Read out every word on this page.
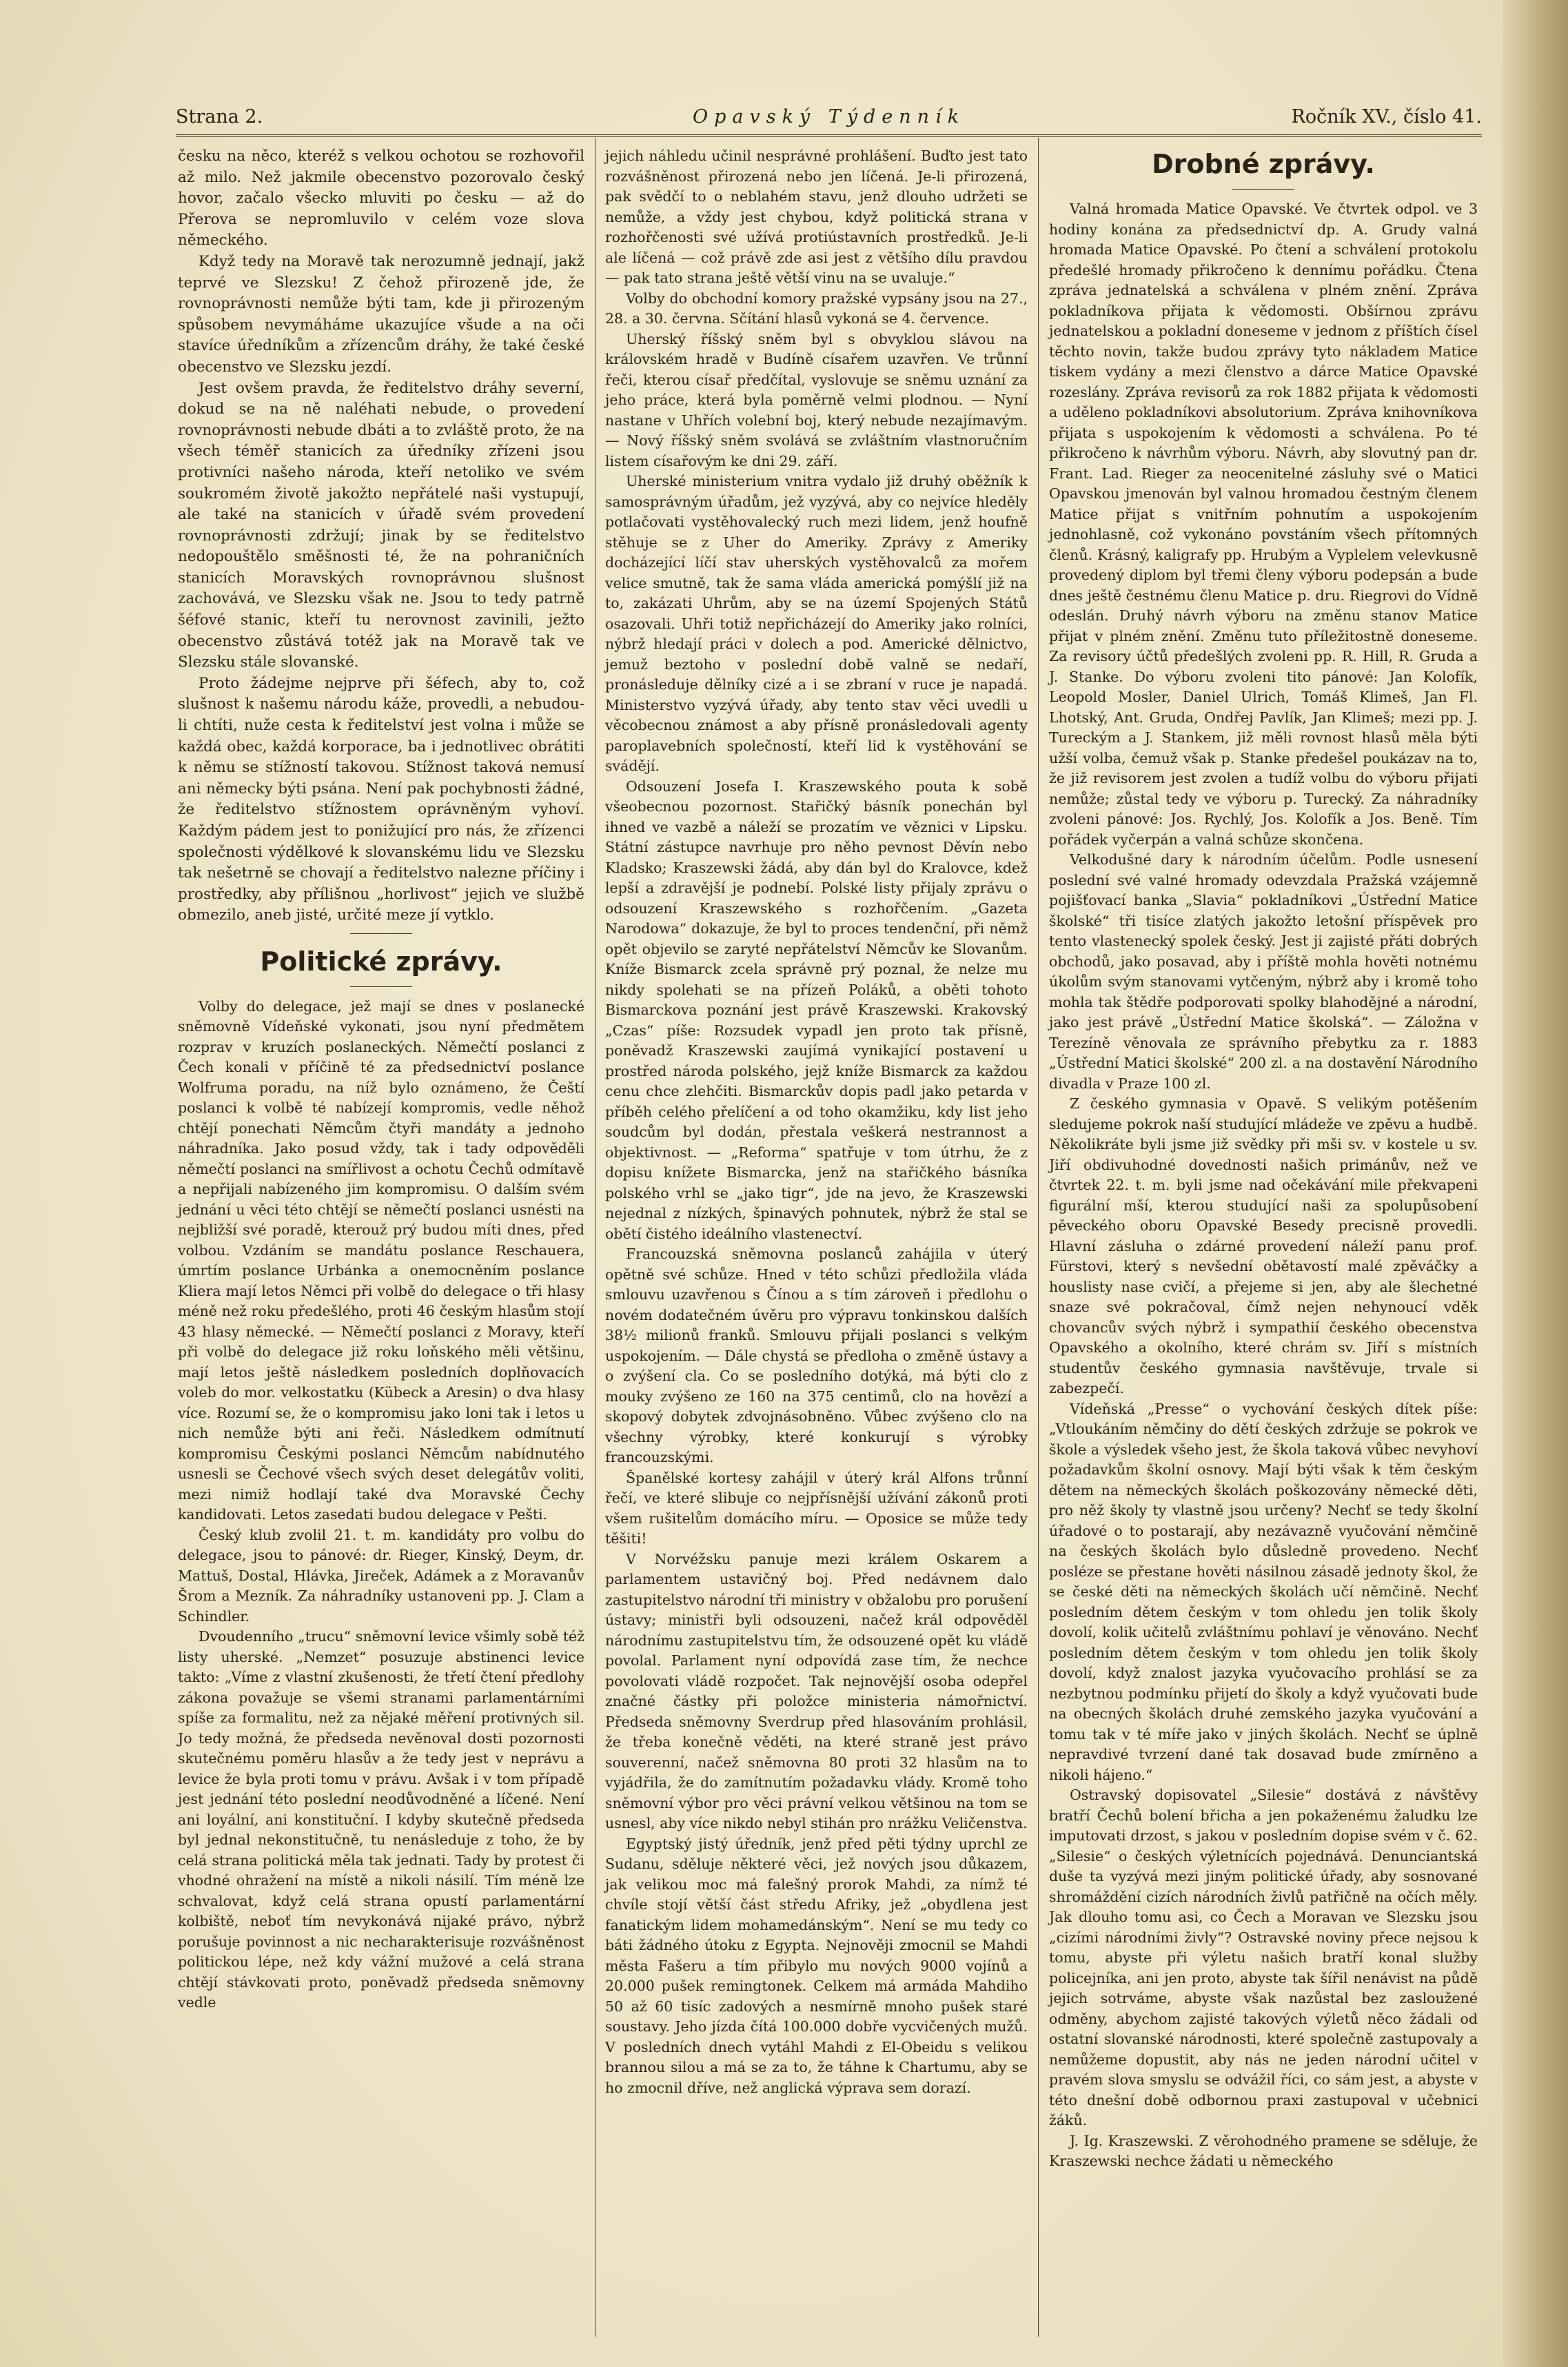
Strana 2.	Opavský Týdenník	Ročník XV., číslo 41.

česku na něco, kteréž s velkou ochotou se rozhovořil až milo. Než jakmile obecenstvo pozorovalo český hovor, začalo všecko mluviti po česku — až do Přerova se nepromluvilo v celém voze slova německého.

Když tedy na Moravě tak nerozumně jednají, jakž teprvé ve Slezsku! Z čehož přirozeně jde, že rovnoprávnosti nemůže býti tam, kde ji přirozeným spůsobem nevymáháme ukazujíce všude a na oči stavíce úředníkům a zřízencům dráhy, že také české obecenstvo ve Slezsku jezdí.

Jest ovšem pravda, že ředitelstvo dráhy severní, dokud se na ně naléhati nebude, o provedení rovnoprávnosti nebude dbáti a to zvláště proto, že na všech téměř stanicích za úředníky zřízeni jsou protivníci našeho národa, kteří netoliko ve svém soukromém životě jakožto nepřátelé naši vystupují, ale také na stanicích v úřadě svém provedení rovnoprávnosti zdržují; jinak by se ředitelstvo nedopouštělo směšnosti té, že na pohraničních stanicích Moravských rovnoprávnou slušnost zachovává, ve Slezsku však ne. Jsou to tedy patrně šéfové stanic, kteří tu nerovnost zavinili, ježto obecenstvo zůstává totéž jak na Moravě tak ve Slezsku stále slovanské.

Proto žádejme nejprve při šéfech, aby to, což slušnost k našemu národu káže, provedli, a nebudou-li chtíti, nuže cesta k ředitelství jest volna i může se každá obec, každá korporace, ba i jednotlivec obrátiti k němu se stížností takovou. Stížnost taková nemusí ani německy býti psána. Není pak pochybnosti žádné, že ředitelstvo stížnostem oprávněným vyhoví. Každým pádem jest to ponižující pro nás, že zřízenci společnosti výdělkové k slovanskému lidu ve Slezsku tak nešetrně se chovají a ředitelstvo nalezne příčiny i prostředky, aby přílišnou „horlivost“ jejich ve službě obmezilo, aneb jisté, určité meze jí vytklo.

Politické zprávy.

Volby do delegace, jež mají se dnes v poslanecké sněmovně Vídeňské vykonati, jsou nyní předmětem rozprav v kruzích poslaneckých. Němečtí poslanci z Čech konali v příčině té za předsednictví poslance Wolfruma poradu, na níž bylo oznámeno, že Čeští poslanci k volbě té nabízejí kompromis, vedle něhož chtějí ponechati Němcům čtyři mandáty a jednoho náhradníka. Jako posud vždy, tak i tady odpověděli němečtí poslanci na smířlivost a ochotu Čechů odmítavě a nepřijali nabízeného jim kompromisu. O dalším svém jednání u věci této chtějí se němečtí poslanci usnésti na nejbližší své poradě, kterouž prý budou míti dnes, před volbou. Vzdáním se mandátu poslance Reschauera, úmrtím poslance Urbánka a onemocněním poslance Kliera mají letos Němci při volbě do delegace o tři hlasy méně než roku předešlého, proti 46 českým hlasům stojí 43 hlasy německé. — Němečtí poslanci z Moravy, kteří při volbě do delegace již roku loňského měli většinu, mají letos ještě následkem posledních doplňovacích voleb do mor. velkostatku (Kübeck a Aresin) o dva hlasy více. Rozumí se, že o kompromisu jako loni tak i letos u nich nemůže býti ani řeči. Následkem odmítnutí kompromisu Českými poslanci Němcům nabídnutého usnesli se Čechové všech svých deset delegátův voliti, mezi nimiž hodlají také dva Moravské Čechy kandidovati. Letos zasedati budou delegace v Pešti.

Český klub zvolil 21. t. m. kandidáty pro volbu do delegace, jsou to pánové: dr. Rieger, Kinský, Deym, dr. Mattuš, Dostal, Hlávka, Jireček, Adámek a z Moravanův Šrom a Mezník. Za náhradníky ustanoveni pp. J. Clam a Schindler.

Dvoudenního „trucu“ sněmovní levice všimly sobě též listy uherské. „Nemzet“ posuzuje abstinenci levice takto: „Víme z vlastní zkušenosti, že třetí čtení předlohy zákona považuje se všemi stranami parlamentárními spíše za formalitu, než za nějaké měření protivných sil. Jo tedy možná, že předseda nevěnoval dosti pozornosti skutečnému poměru hlasův a že tedy jest v neprávu a levice že byla proti tomu v právu. Avšak i v tom případě jest jednání této poslední neodůvodněné a líčené. Není ani loyální, ani konstituční. I kdyby skutečně předseda byl jednal nekonstitučně, tu nenásleduje z toho, že by celá strana politická měla tak jednati. Tady by protest či vhodné ohražení na místě a nikoli násilí. Tím méně lze schvalovat, když celá strana opustí parlamentární kolbiště, neboť tím nevykonává nijaké právo, nýbrž porušuje povinnost a nic necharakterisuje rozvášněnost politickou lépe, než kdy vážní mužové a celá strana chtějí stávkovati proto, poněvadž předseda sněmovny vedle

jejich náhledu učinil nesprávné prohlášení. Buďto jest tato rozvášněnost přirozená nebo jen líčená. Je-li přirozená, pak svědčí to o neblahém stavu, jenž dlouho udržeti se nemůže, a vždy jest chybou, když politická strana v rozhořčenosti své užívá protiústavních prostředků. Je-li ale líčená — což právě zde asi jest z většího dílu pravdou — pak tato strana ještě větší vinu na se uvaluje.“

Volby do obchodní komory pražské vypsány jsou na 27., 28. a 30. června. Sčítání hlasů vykoná se 4. července.

Uherský říšský sněm byl s obvyklou slávou na královském hradě v Budíně císařem uzavřen. Ve trůnní řeči, kterou císař předčítal, vyslovuje se sněmu uznání za jeho práce, která byla poměrně velmi plodnou. — Nyní nastane v Uhřích volební boj, který nebude nezajímavým. — Nový říšský sněm svolává se zvláštním vlastnoručním listem císařovým ke dni 29. září.

Uherské ministerium vnitra vydalo již druhý oběžník k samosprávným úřadům, jež vyzývá, aby co nejvíce hleděly potlačovati vystěhovalecký ruch mezi lidem, jenž houfně stěhuje se z Uher do Ameriky. Zprávy z Ameriky docházející líčí stav uherských vystěhovalců za mořem velice smutně, tak že sama vláda americká pomýšlí již na to, zakázati Uhrům, aby se na území Spojených Států osazovali. Uhři totiž nepřicházejí do Ameriky jako rolníci, nýbrž hledají práci v dolech a pod. Americké dělnictvo, jemuž beztoho v poslední době valně se nedaří, pronásleduje dělníky cizé a i se zbraní v ruce je napadá. Ministerstvo vyzývá úřady, aby tento stav věci uvedli u věcobecnou známost a aby přísně pronásledovali agenty paroplavebních společností, kteří lid k vystěhování se svádějí.

Odsouzení Josefa I. Kraszewského pouta k sobě všeobecnou pozornost. Stařičký básník ponechán byl ihned ve vazbě a náleží se prozatím ve věznici v Lipsku. Státní zástupce navrhuje pro něho pevnost Děvín nebo Kladsko; Kraszewski žádá, aby dán byl do Kralovce, kdež lepší a zdravější je podnebí. Polské listy přijaly zprávu o odsouzení Kraszewského s rozhořčením. „Gazeta Narodowa“ dokazuje, že byl to proces tendenční, při němž opět objevilo se zaryté nepřátelství Němcův ke Slovanům. Kníže Bismarck zcela správně prý poznal, že nelze mu nikdy spolehati se na přízeň Poláků, a oběti tohoto Bismarckova poznání jest právě Kraszewski. Krakovský „Czas“ píše: Rozsudek vypadl jen proto tak přísně, poněvadž Kraszewski zaujímá vynikající postavení u prostřed národa polského, jejž kníže Bismarck za každou cenu chce zlehčiti. Bismarckův dopis padl jako petarda v příběh celého přelíčení a od toho okamžiku, kdy list jeho soudcům byl dodán, přestala veškerá nestrannost a objektivnost. — „Reforma“ spatřuje v tom útrhu, že z dopisu knížete Bismarcka, jenž na stařičkého básníka polského vrhl se „jako tigr“, jde na jevo, že Kraszewski nejednal z nízkých, špinavých pohnutek, nýbrž že stal se obětí čistého ideálního vlastenectví.

Francouzská sněmovna poslanců zahájila v úterý opětně své schůze. Hned v této schůzi předložila vláda smlouvu uzavřenou s Čínou a s tím zároveň i předlohu o novém dodatečném úvěru pro výpravu tonkinskou dalších 38½ milionů franků. Smlouvu přijali poslanci s velkým uspokojením. — Dále chystá se předloha o změně ústavy a o zvýšení cla. Co se posledního dotýká, má býti clo z mouky zvýšeno ze 160 na 375 centimů, clo na hovězí a skopový dobytek zdvojnásobněno. Vůbec zvýšeno clo na všechny výrobky, které konkurují s výrobky francouzskými.

Španělské kortesy zahájil v úterý král Alfons trůnní řečí, ve které slibuje co nejpřísnější užívání zákonů proti všem rušitelům domácího míru. — Oposice se může tedy těšiti!

V Norvéžsku panuje mezi králem Oskarem a parlamentem ustavičný boj. Před nedávnem dalo zastupitelstvo národní tři ministry v obžalobu pro porušení ústavy; ministři byli odsouzeni, načež král odpověděl národnímu zastupitelstvu tím, že odsouzené opět ku vládě povolal. Parlament nyní odpovídá zase tím, že nechce povolovati vládě rozpočet. Tak nejnovější osoba odepřel značné částky při položce ministeria námořnictví. Předseda sněmovny Sverdrup před hlasováním prohlásil, že třeba konečně věděti, na které straně jest právo souverenní, načež sněmovna 80 proti 32 hlasům na to vyjádřila, že do zamítnutím požadavku vlády. Kromě toho sněmovní výbor pro věci právní velkou většinou na tom se usnesl, aby více nikdo nebyl stihán pro nrážku Veličenstva.

Egyptský jistý úředník, jenž před pěti týdny uprchl ze Sudanu, sděluje některé věci, jež nových jsou důkazem, jak velikou moc má falešný prorok Mahdi, za nímž té chvíle stojí větší část středu Afriky, jež „obydlena jest fanatickým lidem mohamedánským“. Není se mu tedy co báti žádného útoku z Egypta. Nejnověji zmocnil se Mahdi města Fašeru a tím přibylo mu nových 9000 vojínů a 20.000 pušek remingtonek. Celkem má armáda Mahdiho 50 až 60 tisíc zadových a nesmírně mnoho pušek staré soustavy. Jeho jízda čítá 100.000 dobře vycvičených mužů. V posledních dnech vytáhl Mahdi z El-Obeidu s velikou brannou silou a má se za to, že táhne k Chartumu, aby se ho zmocnil dříve, než anglická výprava sem dorazí.

Drobné zprávy.

Valná hromada Matice Opavské. Ve čtvrtek odpol. ve 3 hodiny konána za předsednictví dp. A. Grudy valná hromada Matice Opavské. Po čtení a schválení protokolu předešlé hromady přikročeno k dennímu pořádku. Čtena zpráva jednatelská a schválena v plném znění. Zpráva pokladníkova přijata k vědomosti. Obšírnou zprávu jednatelskou a pokladní doneseme v jednom z příštích čísel těchto novin, takže budou zprávy tyto nákladem Matice tiskem vydány a mezi členstvo a dárce Matice Opavské rozeslány. Zpráva revisorů za rok 1882 přijata k vědomosti a uděleno pokladníkovi absolutorium. Zpráva knihovníkova přijata s uspokojením k vědomosti a schválena. Po té přikročeno k návrhům výboru. Návrh, aby slovutný pan dr. Frant. Lad. Rieger za neocenitelné zásluhy své o Matici Opavskou jmenován byl valnou hromadou čestným členem Matice přijat s vnitřním pohnutím a uspokojením jednohlasně, což vykonáno povstáním všech přítomných členů. Krásný, kaligrafy pp. Hrubým a Vyplelem velevkusně provedený diplom byl třemi členy výboru podepsán a bude dnes ještě čestnému členu Matice p. dru. Riegrovi do Vídně odeslán. Druhý návrh výboru na změnu stanov Matice přijat v plném znění. Změnu tuto příležitostně doneseme. Za revisory účtů předešlých zvoleni pp. R. Hill, R. Gruda a J. Stanke. Do výboru zvoleni tito pánové: Jan Kolofík, Leopold Mosler, Daniel Ulrich, Tomáš Klimeš, Jan Fl. Lhotský, Ant. Gruda, Ondřej Pavlík, Jan Klimeš; mezi pp. J. Tureckým a J. Stankem, již měli rovnost hlasů měla býti užší volba, čemuž však p. Stanke předešel poukázav na to, že již revisorem jest zvolen a tudíž volbu do výboru přijati nemůže; zůstal tedy ve výboru p. Turecký. Za náhradníky zvoleni pánové: Jos. Rychlý, Jos. Kolofík a Jos. Beně. Tím pořádek vyčerpán a valná schůze skončena.

Velkodušné dary k národním účelům. Podle usnesení poslední své valné hromady odevzdala Pražská vzájemně pojišťovací banka „Slavia“ pokladníkovi „Ústřední Matice školské“ tři tisíce zlatých jakožto letošní příspěvek pro tento vlastenecký spolek český. Jest ji zajisté přáti dobrých obchodů, jako posavad, aby i příště mohla hověti notnému úkolům svým stanovami vytčeným, nýbrž aby i kromě toho mohla tak štědře podporovati spolky blahodějné a národní, jako jest právě „Ústřední Matice školská“. — Záložna v Terezíně věnovala ze správního přebytku za r. 1883 „Ústřední Matici školské“ 200 zl. a na dostavění Národního divadla v Praze 100 zl.

Z českého gymnasia v Opavě. S velikým potěšením sledujeme pokrok naší studující mládeže ve zpěvu a hudbě. Několikráte byli jsme již svědky při mši sv. v kostele u sv. Jiří obdivuhodné dovednosti našich primánův, než ve čtvrtek 22. t. m. byli jsme nad očekávání mile překvapeni figurální mší, kterou studující naši za spolupůsobení pěveckého oboru Opavské Besedy precisně provedli. Hlavní zásluha o zdárné provedení náleží panu prof. Fürstovi, který s nevšední obětavostí malé zpěváčky a houslisty nase cvičí, a přejeme si jen, aby ale šlechetné snaze své pokračoval, čímž nejen nehynoucí vděk chovancův svých nýbrž i sympathií českého obecenstva Opavského a okolního, které chrám sv. Jiří s místních studentův českého gymnasia navštěvuje, trvale si zabezpečí.

Vídeňská „Presse“ o vychování českých dítek píše: „Vtloukáním němčiny do dětí českých zdržuje se pokrok ve škole a výsledek všeho jest, že škola taková vůbec nevyhoví požadavkům školní osnovy. Mají býti však k těm českým dětem na německých školách poškozovány německé děti, pro něž školy ty vlastně jsou určeny? Nechť se tedy školní úřadové o to postarají, aby nezávazně vyučování němčině na českých školách bylo důsledně provedeno. Nechť posléze se přestane hověti násilnou zásadě jednoty škol, že se české děti na německých školách učí němčině. Nechť posledním dětem českým v tom ohledu jen tolik školy dovolí, kolik učitelů zvláštnímu pohlaví je věnováno. Nechť posledním dětem českým v tom ohledu jen tolik školy dovolí, když znalost jazyka vyučovacího prohlásí se za nezbytnou podmínku přijetí do školy a když vyučovati bude na obecných školách druhé zemského jazyka vyučování a tomu tak v té míře jako v jiných školách. Nechť se úplně nepravdivé tvrzení dané tak dosavad bude zmírněno a nikoli hájeno.“

Ostravský dopisovatel „Silesie“ dostává z návštěvy bratří Čechů bolení břicha a jen pokaženému žaludku lze imputovati drzost, s jakou v posledním dopise svém v č. 62. „Silesie“ o českých výletnících pojednává. Denunciantská duše ta vyzývá mezi jiným politické úřady, aby sosnované shromáždění cizích národních živlů patřičně na očích měly. Jak dlouho tomu asi, co Čech a Moravan ve Slezsku jsou „cizími národními živly“? Ostravské noviny přece nejsou k tomu, abyste při výletu našich bratří konal služby policejníka, ani jen proto, abyste tak šířil nenávist na půdě jejich sotrváme, abyste však nazůstal bez zasloužené odměny, abychom zajisté takových výletů něco žádali od ostatní slovanské národnosti, které společně zastupovaly a nemůžeme dopustit, aby nás ne jeden národní učitel v pravém slova smyslu se odvážil říci, co sám jest, a abyste v této dnešní době odbornou praxi zastupoval v učebnici žáků.

J. Ig. Kraszewski. Z věrohodného pramene se sděluje, že Kraszewski nechce žádati u německého
